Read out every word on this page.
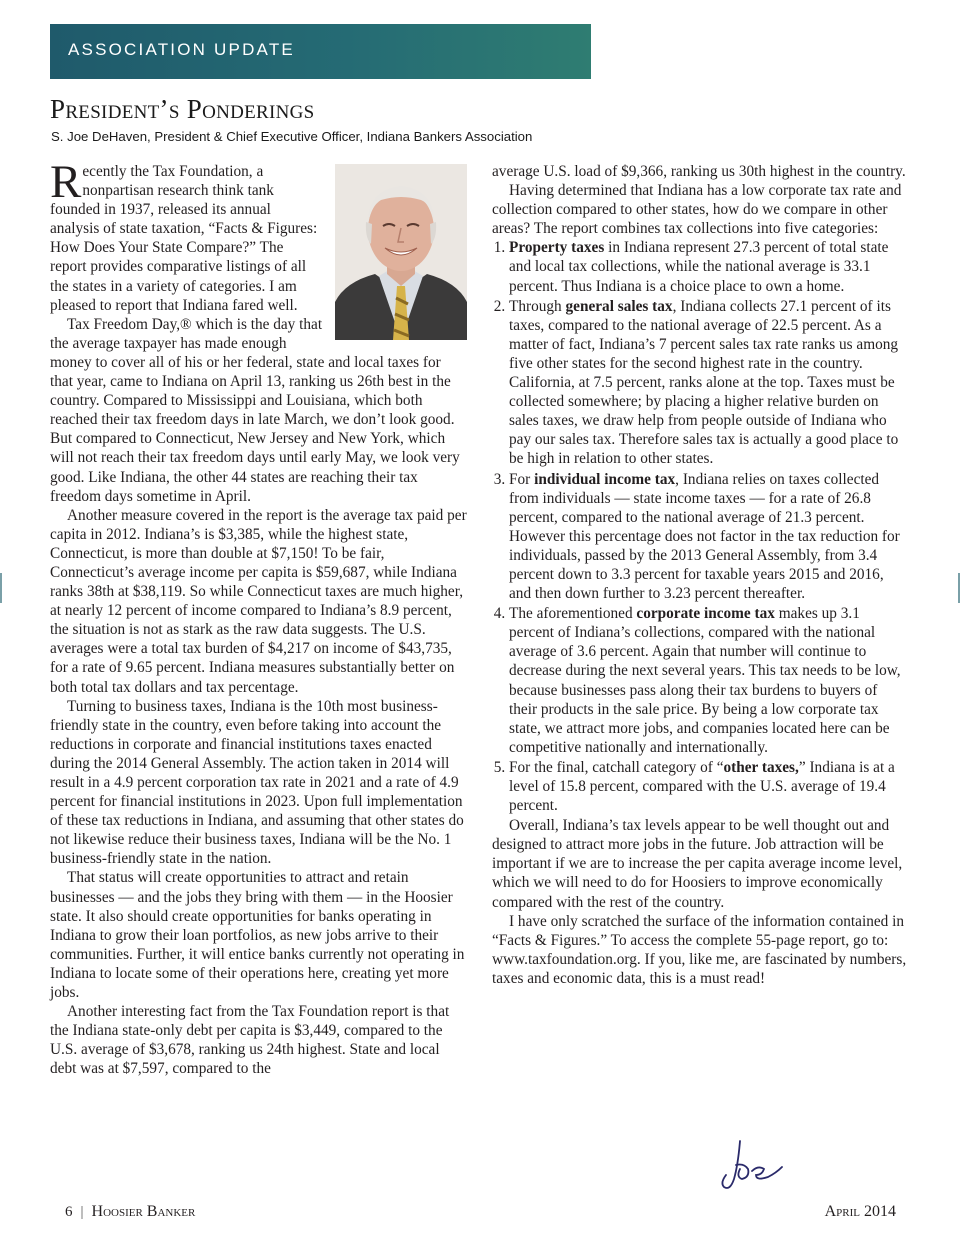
ASSOCIATION UPDATE
President’s Ponderings
S. Joe DeHaven, President & Chief Executive Officer, Indiana Bankers Association

Recently the Tax Foundation, a nonpartisan research think tank founded in 1937, released its annual analysis of state taxation, “Facts & Figures: How Does Your State Compare?” The report provides comparative listings of all the states in a variety of categories. I am pleased to report that Indiana fared well.

Tax Freedom Day,® which is the day that the average taxpayer has made enough money to cover all of his or her federal, state and local taxes for that year, came to Indiana on April 13, ranking us 26th best in the country. Compared to Mississippi and Louisiana, which both reached their tax freedom days in late March, we don’t look good. But compared to Connecticut, New Jersey and New York, which will not reach their tax freedom days until early May, we look very good. Like Indiana, the other 44 states are reaching their tax freedom days sometime in April.

Another measure covered in the report is the average tax paid per capita in 2012. Indiana’s is $3,385, while the highest state, Connecticut, is more than double at $7,150! To be fair, Connecticut’s average income per capita is $59,687, while Indiana ranks 38th at $38,119. So while Connecticut taxes are much higher, at nearly 12 percent of income compared to Indiana’s 8.9 percent, the situation is not as stark as the raw data suggests. The U.S. averages were a total tax burden of $4,217 on income of $43,735, for a rate of 9.65 percent. Indiana measures substantially better on both total tax dollars and tax percentage.

Turning to business taxes, Indiana is the 10th most business-friendly state in the country, even before taking into account the reductions in corporate and financial institutions taxes enacted during the 2014 General Assembly. The action taken in 2014 will result in a 4.9 percent corporation tax rate in 2021 and a rate of 4.9 percent for financial institutions in 2023. Upon full implementation of these tax reductions in Indiana, and assuming that other states do not likewise reduce their business taxes, Indiana will be the No. 1 business-friendly state in the nation.

That status will create opportunities to attract and retain businesses — and the jobs they bring with them — in the Hoosier state. It also should create opportunities for banks operating in Indiana to grow their loan portfolios, as new jobs arrive to their communities. Further, it will entice banks currently not operating in Indiana to locate some of their operations here, creating yet more jobs.

Another interesting fact from the Tax Foundation report is that the Indiana state-only debt per capita is $3,449, compared to the U.S. average of $3,678, ranking us 24th highest. State and local debt was at $7,597, compared to the

average U.S. load of $9,366, ranking us 30th highest in the country.

Having determined that Indiana has a low corporate tax rate and collection compared to other states, how do we compare in other areas? The report combines tax collections into five categories:

1. Property taxes in Indiana represent 27.3 percent of total state and local tax collections, while the national average is 33.1 percent. Thus Indiana is a choice place to own a home.
2. Through general sales tax, Indiana collects 27.1 percent of its taxes, compared to the national average of 22.5 percent. As a matter of fact, Indiana’s 7 percent sales tax rate ranks us among five other states for the second highest rate in the country. California, at 7.5 percent, ranks alone at the top. Taxes must be collected somewhere; by placing a higher relative burden on sales taxes, we draw help from people outside of Indiana who pay our sales tax. Therefore sales tax is actually a good place to be high in relation to other states.
3. For individual income tax, Indiana relies on taxes collected from individuals — state income taxes — for a rate of 26.8 percent, compared to the national average of 21.3 percent. However this percentage does not factor in the tax reduction for individuals, passed by the 2013 General Assembly, from 3.4 percent down to 3.3 percent for taxable years 2015 and 2016, and then down further to 3.23 percent thereafter.
4. The aforementioned corporate income tax makes up 3.1 percent of Indiana’s collections, compared with the national average of 3.6 percent. Again that number will continue to decrease during the next several years. This tax needs to be low, because businesses pass along their tax burdens to buyers of their products in the sale price. By being a low corporate tax state, we attract more jobs, and companies located here can be competitive nationally and internationally.
5. For the final, catchall category of “other taxes,” Indiana is at a level of 15.8 percent, compared with the U.S. average of 19.4 percent.

Overall, Indiana’s tax levels appear to be well thought out and designed to attract more jobs in the future. Job attraction will be important if we are to increase the per capita average income level, which we will need to do for Hoosiers to improve economically compared with the rest of the country.

I have only scratched the surface of the information contained in “Facts & Figures.” To access the complete 55-page report, go to: www.taxfoundation.org. If you, like me, are fascinated by numbers, taxes and economic data, this is a must read!

6 | Hoosier Banker	April 2014
